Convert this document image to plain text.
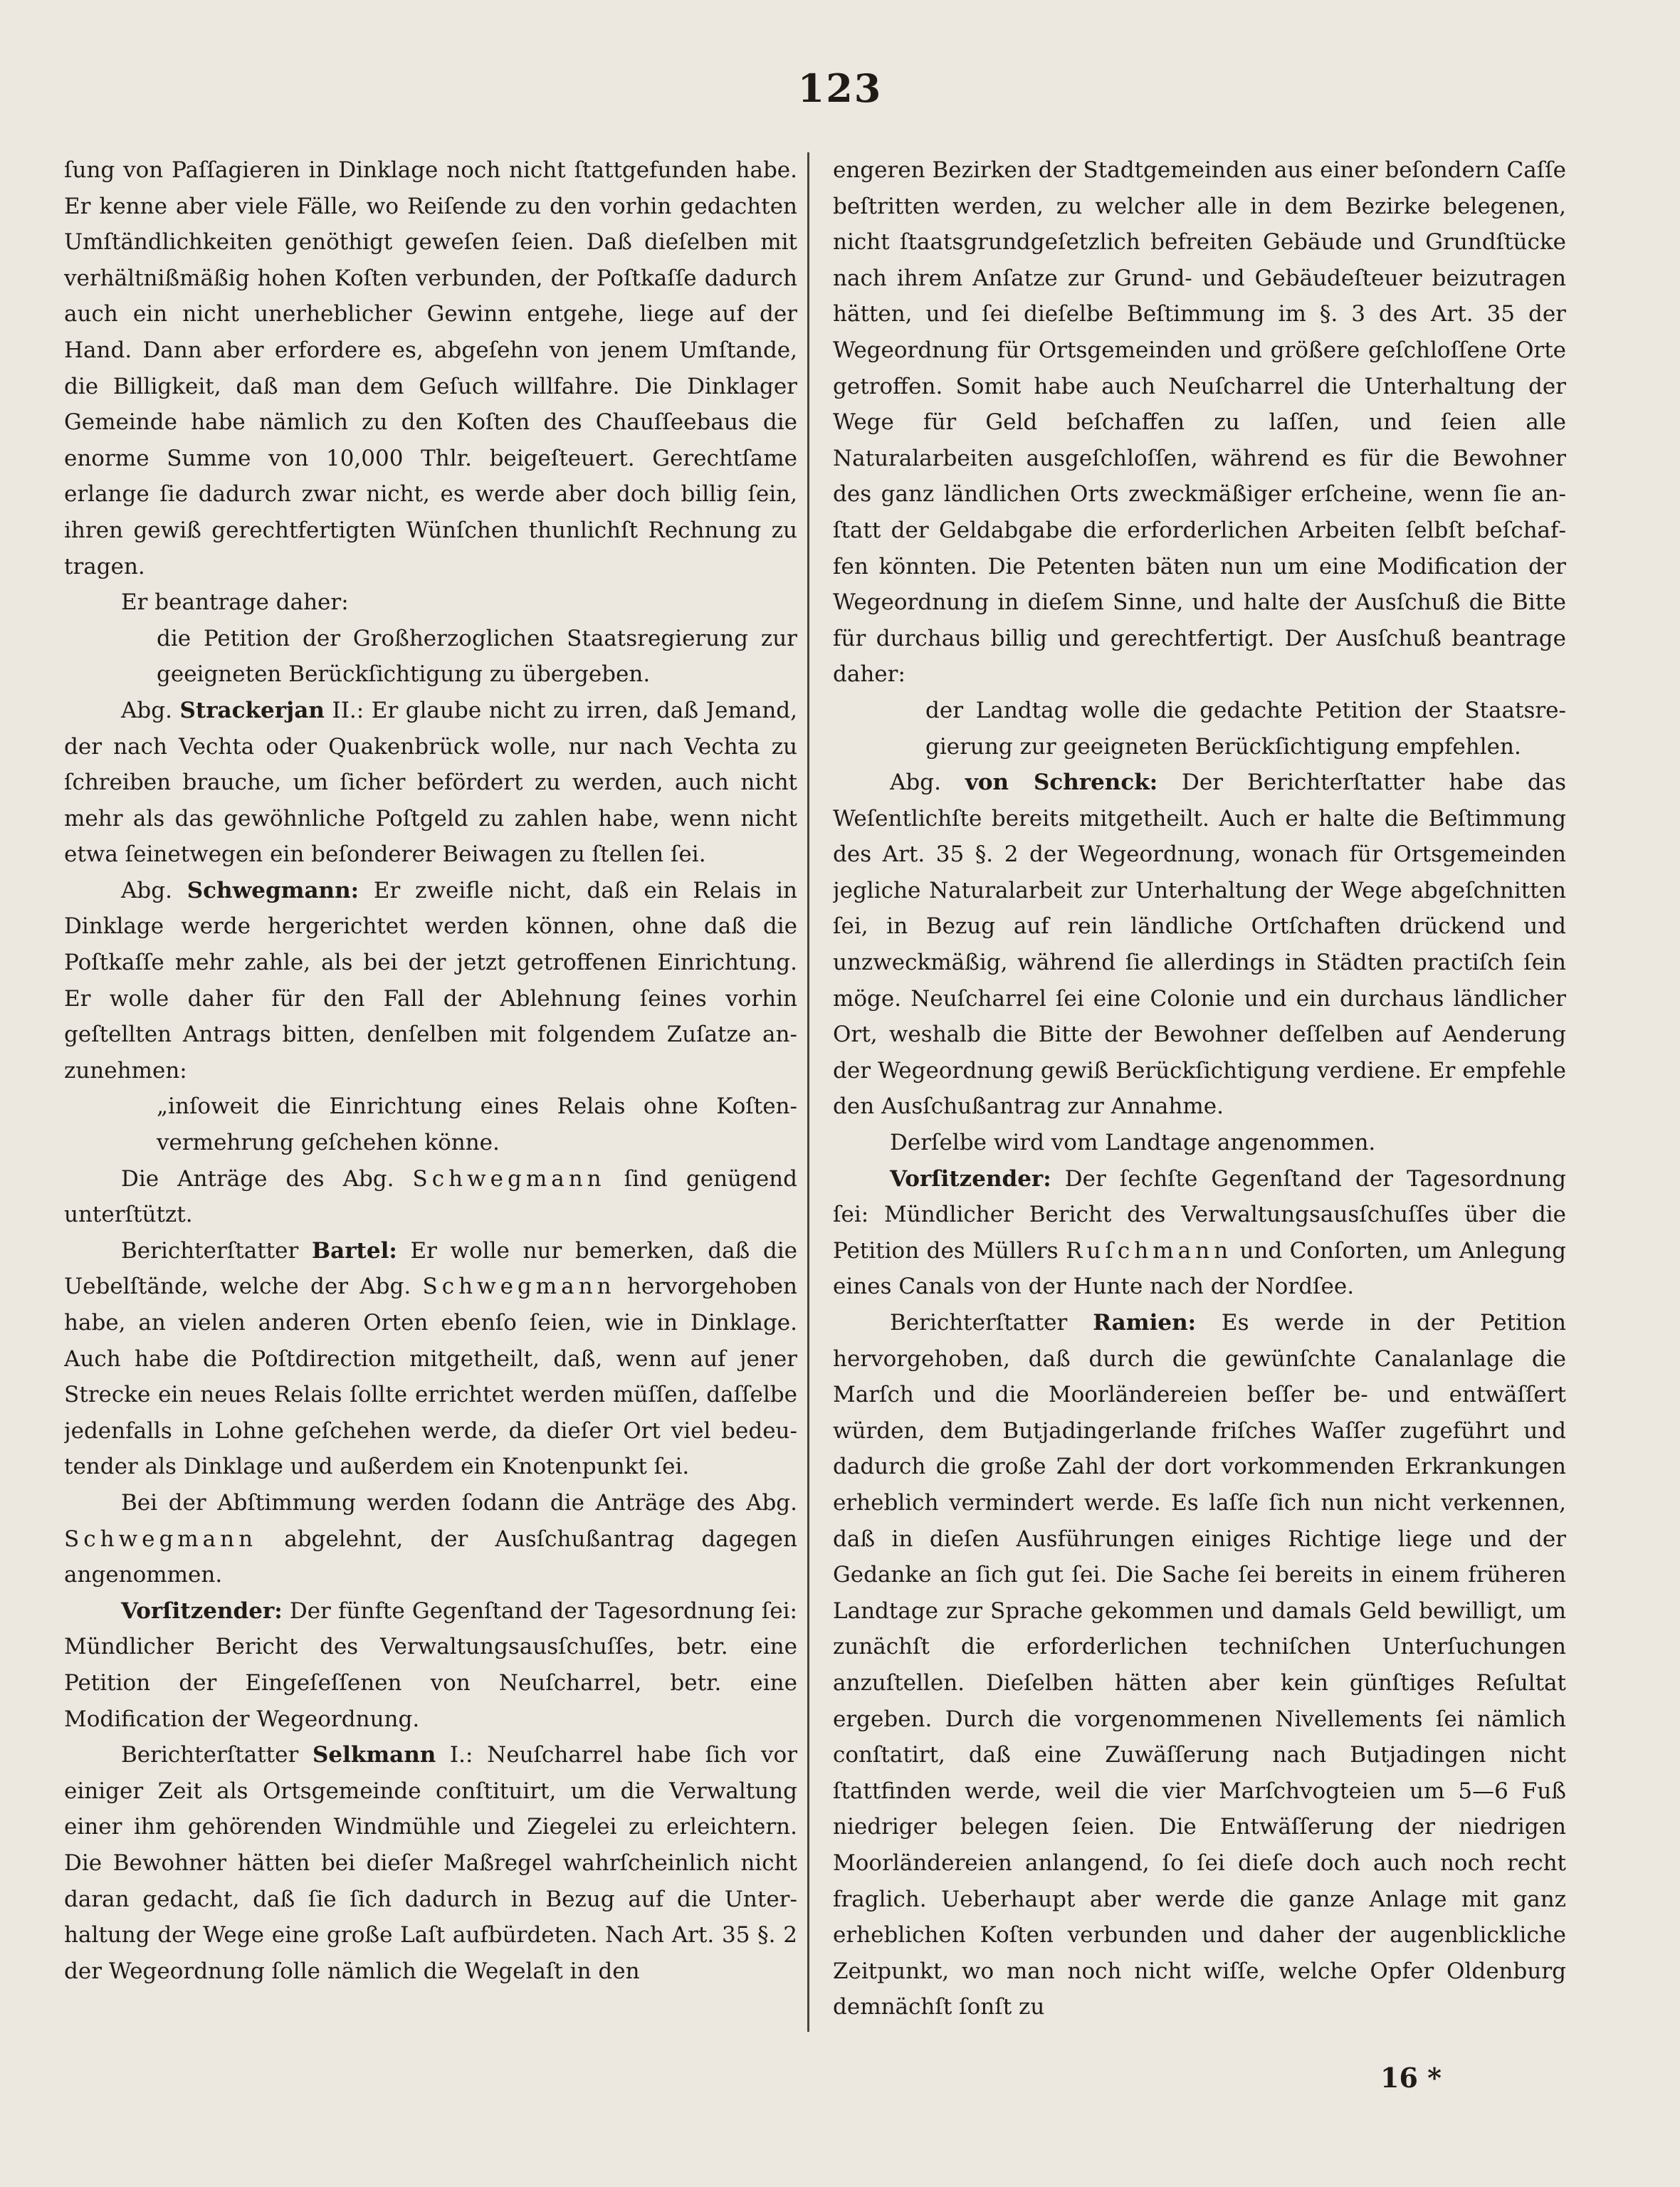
123

ſung von Paſſagieren in Dinklage noch nicht ſtattgefunden habe. Er kenne aber viele Fälle, wo Reiſende zu den vorhin gedachten Umſtändlichkeiten genöthigt geweſen ſeien. Daß dieſelben mit verhältnißmäßig hohen Koſten verbunden, der Poſtkaſſe dadurch auch ein nicht unerheblicher Gewinn entgehe, liege auf der Hand. Dann aber erfordere es, abgeſehn von jenem Umſtande, die Billigkeit, daß man dem Geſuch willfahre. Die Dinklager Gemeinde habe nämlich zu den Koſten des Chauſſeebaus die enorme Summe von 10,000 Thlr. beigeſteuert. Gerechtſame erlange ſie dadurch zwar nicht, es werde aber doch billig ſein, ihren gewiß gerechtfertigten Wünſchen thunlichſt Rechnung zu tragen.

Er beantrage daher:

die Petition der Großherzoglichen Staatsregierung zur geeigneten Berückſichtigung zu übergeben.

Abg. Strackerjan II.: Er glaube nicht zu irren, daß Jemand, der nach Vechta oder Quakenbrück wolle, nur nach Vechta zu ſchreiben brauche, um ſicher befördert zu werden, auch nicht mehr als das gewöhnliche Poſtgeld zu zahlen habe, wenn nicht etwa ſeinetwegen ein beſonderer Beiwagen zu ſtellen ſei.

Abg. Schwegmann: Er zweifle nicht, daß ein Relais in Dinklage werde hergerichtet werden können, ohne daß die Poſtkaſſe mehr zahle, als bei der jetzt getroffenen Einrichtung. Er wolle daher für den Fall der Ablehnung ſeines vorhin geſtellten Antrags bitten, denſelben mit folgendem Zuſatze anzunehmen:

„inſoweit die Einrichtung eines Relais ohne Koſtenvermehrung geſchehen könne.

Die Anträge des Abg. Schwegmann ſind genügend unterſtützt.

Berichterſtatter Bartel: Er wolle nur bemerken, daß die Uebelſtände, welche der Abg. Schwegmann hervorgehoben habe, an vielen anderen Orten ebenſo ſeien, wie in Dinklage. Auch habe die Poſtdirection mitgetheilt, daß, wenn auf jener Strecke ein neues Relais ſollte errichtet werden müſſen, daſſelbe jedenfalls in Lohne geſchehen werde, da dieſer Ort viel bedeutender als Dinklage und außerdem ein Knotenpunkt ſei.

Bei der Abſtimmung werden ſodann die Anträge des Abg. Schwegmann abgelehnt, der Ausſchußantrag dagegen angenommen.

Vorſitzender: Der fünfte Gegenſtand der Tagesordnung ſei: Mündlicher Bericht des Verwaltungsausſchuſſes, betr. eine Petition der Eingeſeſſenen von Neuſcharrel, betr. eine Modification der Wegeordnung.

Berichterſtatter Selkmann I.: Neuſcharrel habe ſich vor einiger Zeit als Ortsgemeinde conſtituirt, um die Verwaltung einer ihm gehörenden Windmühle und Ziegelei zu erleichtern. Die Bewohner hätten bei dieſer Maßregel wahrſcheinlich nicht daran gedacht, daß ſie ſich dadurch in Bezug auf die Unterhaltung der Wege eine große Laſt aufbürdeten. Nach Art. 35 §. 2 der Wegeordnung ſolle nämlich die Wegelaſt in den

engeren Bezirken der Stadtgemeinden aus einer beſondern Caſſe beſtritten werden, zu welcher alle in dem Bezirke belegenen, nicht ſtaatsgrundgeſetzlich befreiten Gebäude und Grundſtücke nach ihrem Anſatze zur Grund- und Gebäudeſteuer beizutragen hätten, und ſei dieſelbe Beſtimmung im §. 3 des Art. 35 der Wegeordnung für Ortsgemeinden und größere geſchloſſene Orte getroffen. Somit habe auch Neuſcharrel die Unterhaltung der Wege für Geld beſchaffen zu laſſen, und ſeien alle Naturalarbeiten ausgeſchloſſen, während es für die Bewohner des ganz ländlichen Orts zweckmäßiger erſcheine, wenn ſie anſtatt der Geldabgabe die erforderlichen Arbeiten ſelbſt beſchaffen könnten. Die Petenten bäten nun um eine Modification der Wegeordnung in dieſem Sinne, und halte der Ausſchuß die Bitte für durchaus billig und gerechtfertigt. Der Ausſchuß beantrage daher:

der Landtag wolle die gedachte Petition der Staatsregierung zur geeigneten Berückſichtigung empfehlen.

Abg. von Schrenck: Der Berichterſtatter habe das Weſentlichſte bereits mitgetheilt. Auch er halte die Beſtimmung des Art. 35 §. 2 der Wegeordnung, wonach für Ortsgemeinden jegliche Naturalarbeit zur Unterhaltung der Wege abgeſchnitten ſei, in Bezug auf rein ländliche Ortſchaften drückend und unzweckmäßig, während ſie allerdings in Städten practiſch ſein möge. Neuſcharrel ſei eine Colonie und ein durchaus ländlicher Ort, weshalb die Bitte der Bewohner deſſelben auf Aenderung der Wegeordnung gewiß Berückſichtigung verdiene. Er empfehle den Ausſchußantrag zur Annahme.

Derſelbe wird vom Landtage angenommen.

Vorſitzender: Der ſechſte Gegenſtand der Tagesordnung ſei: Mündlicher Bericht des Verwaltungsausſchuſſes über die Petition des Müllers Ruſchmann und Conſorten, um Anlegung eines Canals von der Hunte nach der Nordſee.

Berichterſtatter Ramien: Es werde in der Petition hervorgehoben, daß durch die gewünſchte Canalanlage die Marſch und die Moorländereien beſſer be- und entwäſſert würden, dem Butjadingerlande friſches Waſſer zugeführt und dadurch die große Zahl der dort vorkommenden Erkrankungen erheblich vermindert werde. Es laſſe ſich nun nicht verkennen, daß in dieſen Ausführungen einiges Richtige liege und der Gedanke an ſich gut ſei. Die Sache ſei bereits in einem früheren Landtage zur Sprache gekommen und damals Geld bewilligt, um zunächſt die erforderlichen techniſchen Unterſuchungen anzuſtellen. Dieſelben hätten aber kein günſtiges Reſultat ergeben. Durch die vorgenommenen Nivellements ſei nämlich conſtatirt, daß eine Zuwäſſerung nach Butjadingen nicht ſtattfinden werde, weil die vier Marſchvogteien um 5—6 Fuß niedriger belegen ſeien. Die Entwäſſerung der niedrigen Moorländereien anlangend, ſo ſei dieſe doch auch noch recht fraglich. Ueberhaupt aber werde die ganze Anlage mit ganz erheblichen Koſten verbunden und daher der augenblickliche Zeitpunkt, wo man noch nicht wiſſe, welche Opfer Oldenburg demnächſt ſonſt zu

16 *
